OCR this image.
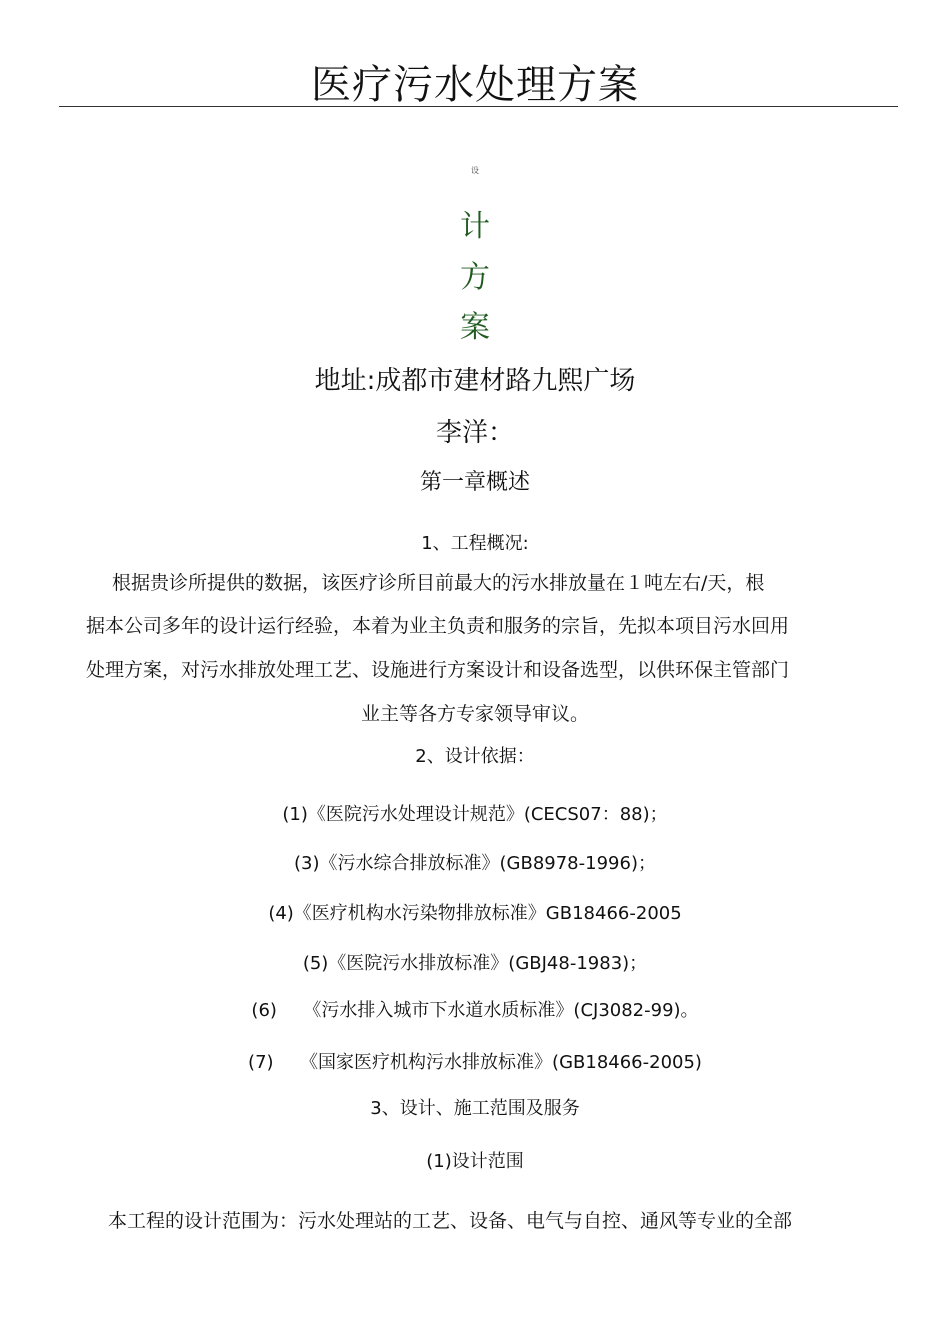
医疗污水处理方案
设
计
方
案
地址:成都市建材路九熙广场
李洋：
第一章概述
1、工程概况:
根据贵诊所提供的数据，该医疗诊所目前最大的污水排放量在１吨左右/天，根
据本公司多年的设计运行经验，本着为业主负责和服务的宗旨，先拟本项目污水回用
处理方案，对污水排放处理工艺、设施进行方案设计和设备选型，以供环保主管部门
业主等各方专家领导审议。
2、设计依据：
(1)《医院污水处理设计规范》(CECS07：88)；
(3)《污水综合排放标准》(GB8978-1996)；
(4)《医疗机构水污染物排放标准》GB18466-2005
(5)《医院污水排放标准》(GBJ48-1983)；
(6) 《污水排入城市下水道水质标准》(CJ3082-99)。
(7) 《国家医疗机构污水排放标准》(GB18466-2005)
3、设计、施工范围及服务
(1)设计范围
本工程的设计范围为：污水处理站的工艺、设备、电气与自控、通风等专业的全部
